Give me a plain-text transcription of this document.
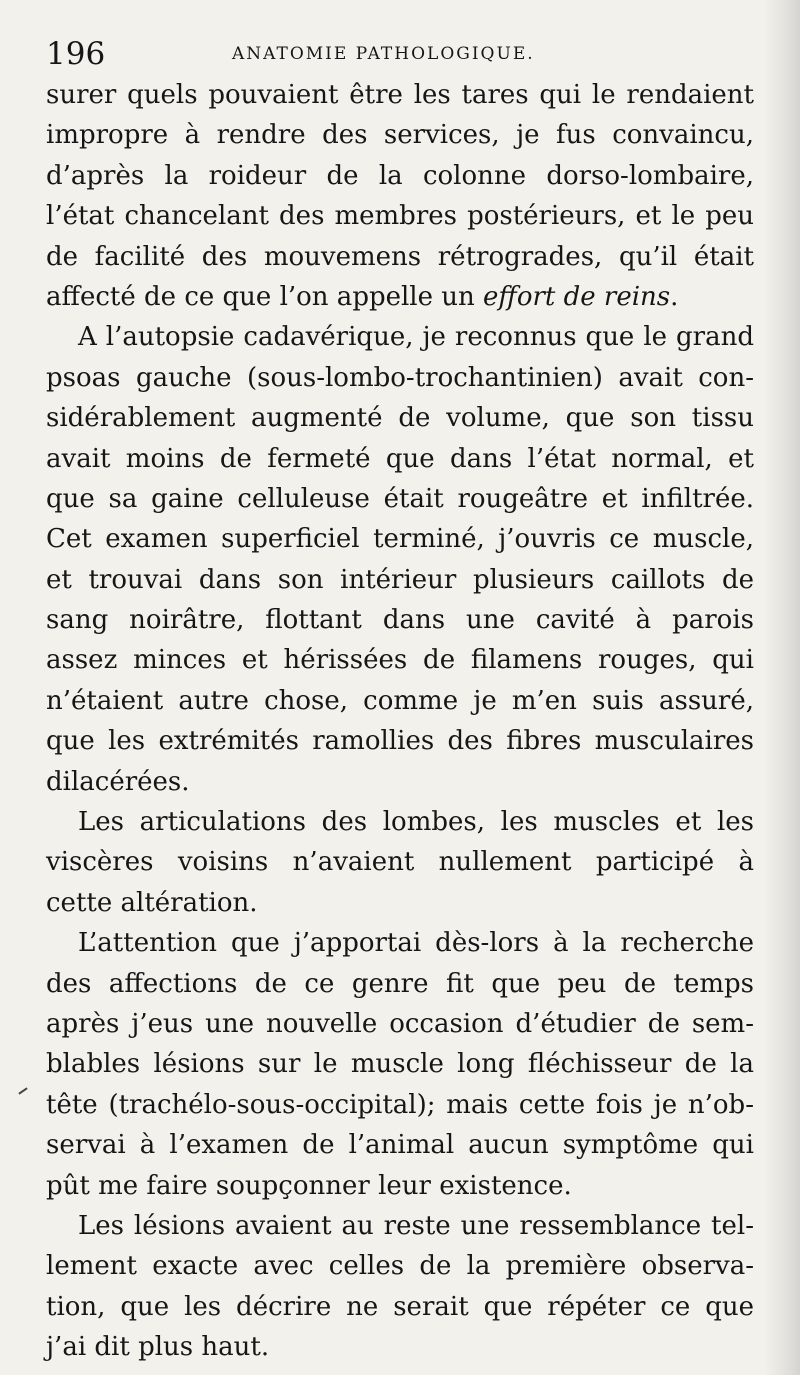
196	ANATOMIE PATHOLOGIQUE.
surer quels pouvaient être les tares qui le rendaient
impropre à rendre des services, je fus convaincu,
d’après la roideur de la colonne dorso-lombaire,
l’état chancelant des membres postérieurs, et le peu
de facilité des mouvemens rétrogrades, qu’il était
affecté de ce que l’on appelle un effort de reins.
A l’autopsie cadavérique, je reconnus que le grand
psoas gauche (sous-lombo-trochantinien) avait con-
sidérablement augmenté de volume, que son tissu
avait moins de fermeté que dans l’état normal, et
que sa gaine celluleuse était rougeâtre et infiltrée.
Cet examen superficiel terminé, j’ouvris ce muscle,
et trouvai dans son intérieur plusieurs caillots de
sang noirâtre, flottant dans une cavité à parois
assez minces et hérissées de filamens rouges, qui
n’étaient autre chose, comme je m’en suis assuré,
que les extrémités ramollies des fibres musculaires
dilacérées.
Les articulations des lombes, les muscles et les
viscères voisins n’avaient nullement participé à
cette altération.
L’attention que j’apportai dès-lors à la recherche
des affections de ce genre fit que peu de temps
après j’eus une nouvelle occasion d’étudier de sem-
blables lésions sur le muscle long fléchisseur de la
tête (trachélo-sous-occipital); mais cette fois je n’ob-
servai à l’examen de l’animal aucun symptôme qui
pût me faire soupçonner leur existence.
Les lésions avaient au reste une ressemblance tel-
lement exacte avec celles de la première observa-
tion, que les décrire ne serait que répéter ce que
j’ai dit plus haut.
